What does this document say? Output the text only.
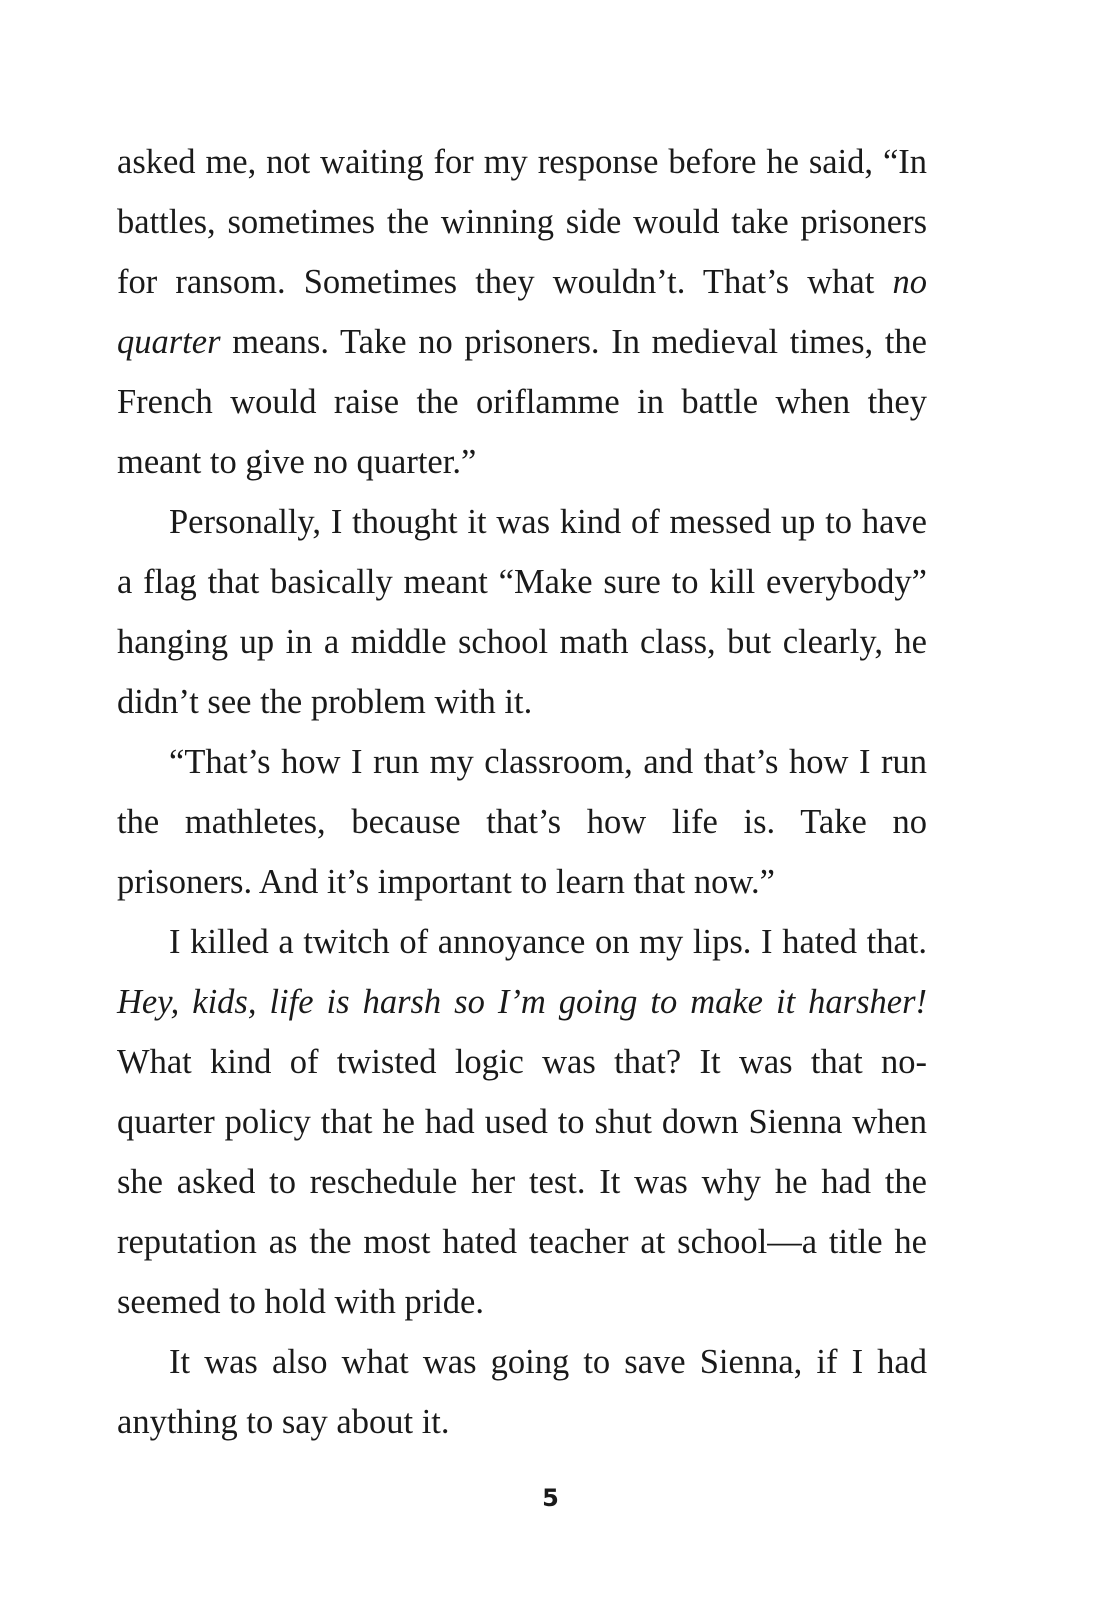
asked me, not waiting for my response before he said, “In battles, sometimes the winning side would take prisoners for ransom. Sometimes they wouldn’t. That’s what no quarter means. Take no prisoners. In medieval times, the French would raise the oriflamme in battle when they meant to give no quarter.”

Personally, I thought it was kind of messed up to have a flag that basically meant “Make sure to kill everybody” hanging up in a middle school math class, but clearly, he didn’t see the problem with it.

“That’s how I run my classroom, and that’s how I run the mathletes, because that’s how life is. Take no prisoners. And it’s important to learn that now.”

I killed a twitch of annoyance on my lips. I hated that. Hey, kids, life is harsh so I’m going to make it harsher! What kind of twisted logic was that? It was that no-quarter policy that he had used to shut down Sienna when she asked to reschedule her test. It was why he had the reputation as the most hated teacher at school—a title he seemed to hold with pride.

It was also what was going to save Sienna, if I had anything to say about it.

5
